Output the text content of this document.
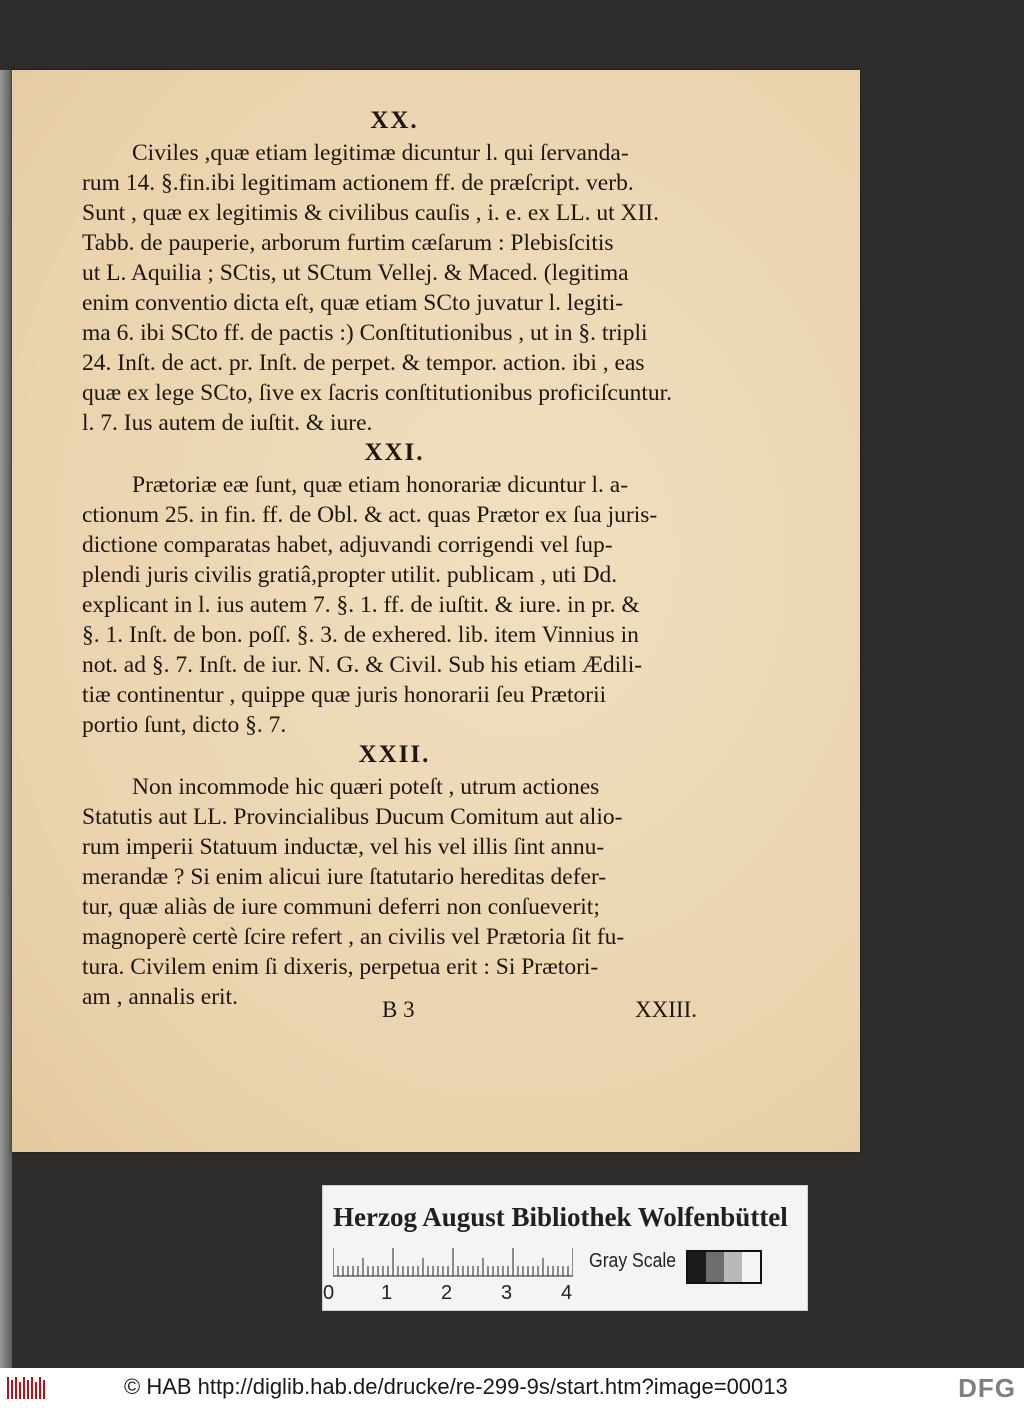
XX.
Civiles ,quæ etiam legitimæ dicuntur l. qui ſervanda-
rum 14. §.fin.ibi legitimam actionem ff. de præſcript. verb.
Sunt , quæ ex legitimis & civilibus cauſis , i. e. ex LL. ut XII.
Tabb. de pauperie, arborum furtim cæſarum : Plebisſcitis
ut L. Aquilia ; SCtis, ut SCtum Vellej. & Maced. (legitima
enim conventio dicta eſt, quæ etiam SCto juvatur l. legiti-
ma 6. ibi SCto ff. de pactis :) Conſtitutionibus , ut in §. tripli
24. Inſt. de act. pr. Inſt. de perpet. & tempor. action. ibi , eas
quæ ex lege SCto, ſive ex ſacris conſtitutionibus proficiſcuntur.
l. 7. Ius autem de iuſtit. & iure.
XXI.
Prætoriæ eæ ſunt, quæ etiam honorariæ dicuntur l. a-
ctionum 25. in fin. ff. de Obl. & act. quas Prætor ex ſua juris-
dictione comparatas habet, adjuvandi corrigendi vel ſup-
plendi juris civilis gratiâ,propter utilit. publicam , uti Dd.
explicant in l. ius autem 7. §. 1. ff. de iuſtit. & iure. in pr. &
§. 1. Inſt. de bon. poſſ. §. 3. de exhered. lib. item Vinnius in
not. ad §. 7. Inſt. de iur. N. G. & Civil. Sub his etiam Ædili-
tiæ continentur , quippe quæ juris honorarii ſeu Prætorii
portio ſunt, dicto §. 7.
XXII.
Non incommode hic quæri poteſt , utrum actiones
Statutis aut LL. Provincialibus Ducum Comitum aut alio-
rum imperii Statuum inductæ, vel his vel illis ſint annu-
merandæ ? Si enim alicui iure ſtatutario hereditas defer-
tur, quæ aliàs de iure communi deferri non conſueverit;
magnoperè certè ſcire refert , an civilis vel Prætoria ſit fu-
tura. Civilem enim ſi dixeris, perpetua erit : Si Prætori-
am , annalis erit.	B 3	XXIII.
Herzog August Bibliothek Wolfenbüttel
0 1 2 3 4
Gray Scale
© HAB http://diglib.hab.de/drucke/re-299-9s/start.htm?image=00013	DFG
